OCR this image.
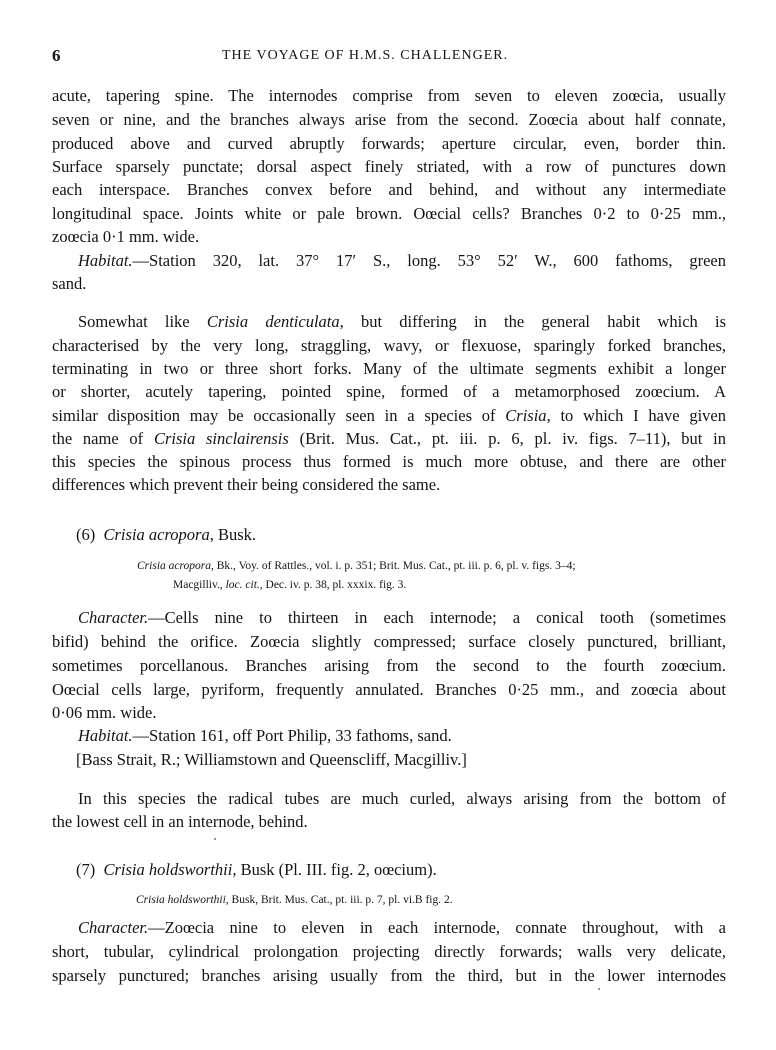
6	THE VOYAGE OF H.M.S. CHALLENGER.
acute, tapering spine. The internodes comprise from seven to eleven zoœcia, usually
seven or nine, and the branches always arise from the second. Zoœcia about half connate,
produced above and curved abruptly forwards; aperture circular, even, border thin.
Surface sparsely punctate; dorsal aspect finely striated, with a row of punctures down
each interspace. Branches convex before and behind, and without any intermediate
longitudinal space. Joints white or pale brown. Oœcial cells? Branches 0·2 to 0·25 mm.,
zoœcia 0·1 mm. wide.
Habitat.—Station 320, lat. 37° 17′ S., long. 53° 52′ W., 600 fathoms, green
sand.
Somewhat like Crisia denticulata, but differing in the general habit which is
characterised by the very long, straggling, wavy, or flexuose, sparingly forked branches,
terminating in two or three short forks. Many of the ultimate segments exhibit a longer
or shorter, acutely tapering, pointed spine, formed of a metamorphosed zoœcium. A
similar disposition may be occasionally seen in a species of Crisia, to which I have given
the name of Crisia sinclairensis (Brit. Mus. Cat., pt. iii. p. 6, pl. iv. figs. 7–11), but in
this species the spinous process thus formed is much more obtuse, and there are other
differences which prevent their being considered the same.
(6) Crisia acropora, Busk.
Crisia acropora, Bk., Voy. of Rattles., vol. i. p. 351; Brit. Mus. Cat., pt. iii. p. 6, pl. v. figs. 3–4;
Macgilliv., loc. cit., Dec. iv. p. 38, pl. xxxix. fig. 3.
Character.—Cells nine to thirteen in each internode; a conical tooth (sometimes
bifid) behind the orifice. Zoœcia slightly compressed; surface closely punctured, brilliant,
sometimes porcellanous. Branches arising from the second to the fourth zoœcium.
Oœcial cells large, pyriform, frequently annulated. Branches 0·25 mm., and zoœcia about
0·06 mm. wide.
Habitat.—Station 161, off Port Philip, 33 fathoms, sand.
[Bass Strait, R.; Williamstown and Queenscliff, Macgilliv.]
In this species the radical tubes are much curled, always arising from the bottom of
the lowest cell in an internode, behind.
(7) Crisia holdsworthii, Busk (Pl. III. fig. 2, oœcium).
Crisia holdsworthii, Busk, Brit. Mus. Cat., pt. iii. p. 7, pl. vi.B fig. 2.
Character.—Zoœcia nine to eleven in each internode, connate throughout, with a
short, tubular, cylindrical prolongation projecting directly forwards; walls very delicate,
sparsely punctured; branches arising usually from the third, but in the lower internodes
